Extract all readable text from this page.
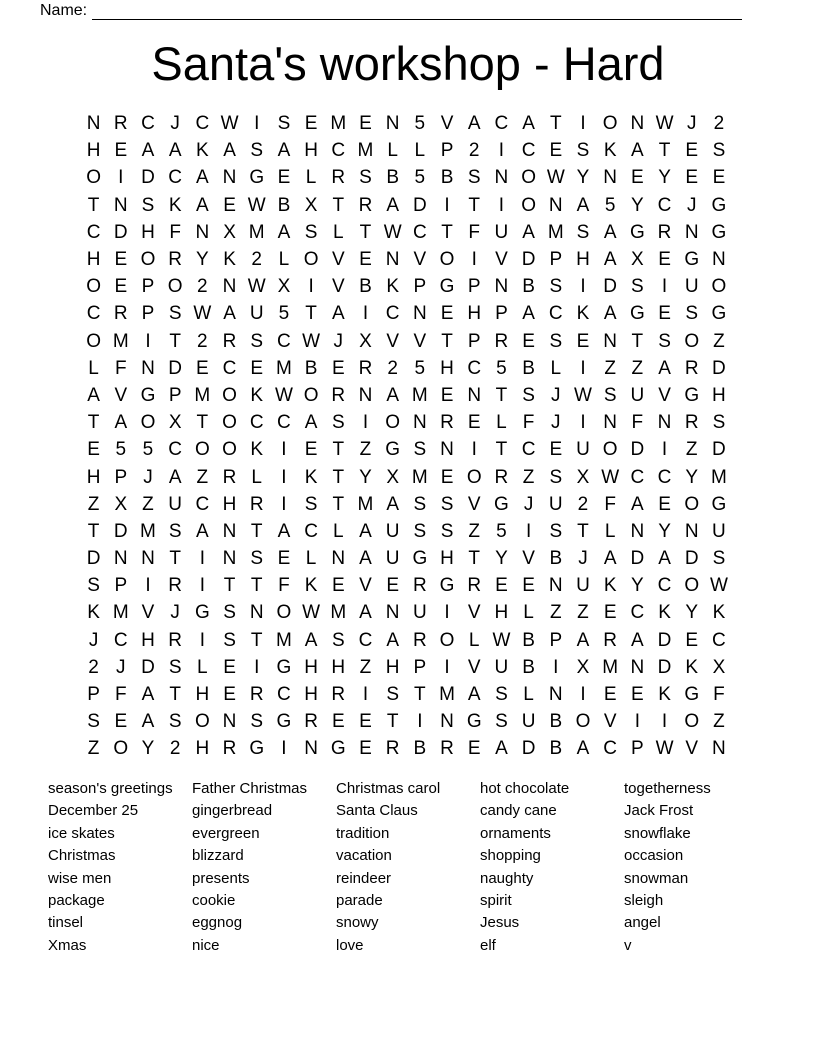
Name:
Santa's workshop - Hard
N R C J C W I S E M E N 5 V A C A T I O N W J 2
H E A A K A S A H C M L L P 2	I C E S K A T E S
O I D C A N G E L R S B 5 B S N O W Y N E Y E E
T N S K A E W B X T R A D I T I O N A 5 Y C J G
C D H F N X M A S L T W C T F U A M S A G R N G
H E O R Y K 2 L O V E N V O I V D P H A X E G N
O E P O 2 N W X I V B K P G P N B S I D S I U O
C R P S W A U 5 T A I C N E H P A C K A G E S G
O M I T 2 R S C W J X V V T P R E S E N T S O Z
L F N D E C E M B E R 2 5 H C 5 B L	I Z Z A R D
A V G P M O K W O R N A M E N T S J W S U V G H
T A O X T O C C A S I O N R E L F J	I N F N R S
E 5 5 C O O K I E T Z G S N I T C E U O D I Z D
H P J A Z R L	I K T Y X M E O R Z S X W C C Y M
Z X Z U C H R I S T M A S S V G J U 2 F A E O G
T D M S A N T A C L A U S S Z 5	I S T L N Y N U
D N N T I N S E L N A U G H T Y V B J A D A D S
S P I R I T T F K E V E R G R E E N U K Y C O W
K M V J G S N O W M A N U I V H L Z Z E C K Y K
J C H R I S T M A S C A R O L W B P A R A D E C
2 J D S L E I G H H Z H P I V U B I X M N D K X
P F A T H E R C H R I S T M A S L N I E E K G F
S E A S O N S G R E E T I N G S U B O V I	I O Z
Z O Y 2 H R G I N G E R B R E A D B A C P W V N
season's greetings
December 25
ice skates
Christmas
wise men
package
tinsel
Xmas
Father Christmas
gingerbread
evergreen
blizzard
presents
cookie
eggnog
nice
Christmas carol
Santa Claus
tradition
vacation
reindeer
parade
snowy
love
hot chocolate
candy cane
ornaments
shopping
naughty
spirit
Jesus
elf
togetherness
Jack Frost
snowflake
occasion
snowman
sleigh
angel
v
